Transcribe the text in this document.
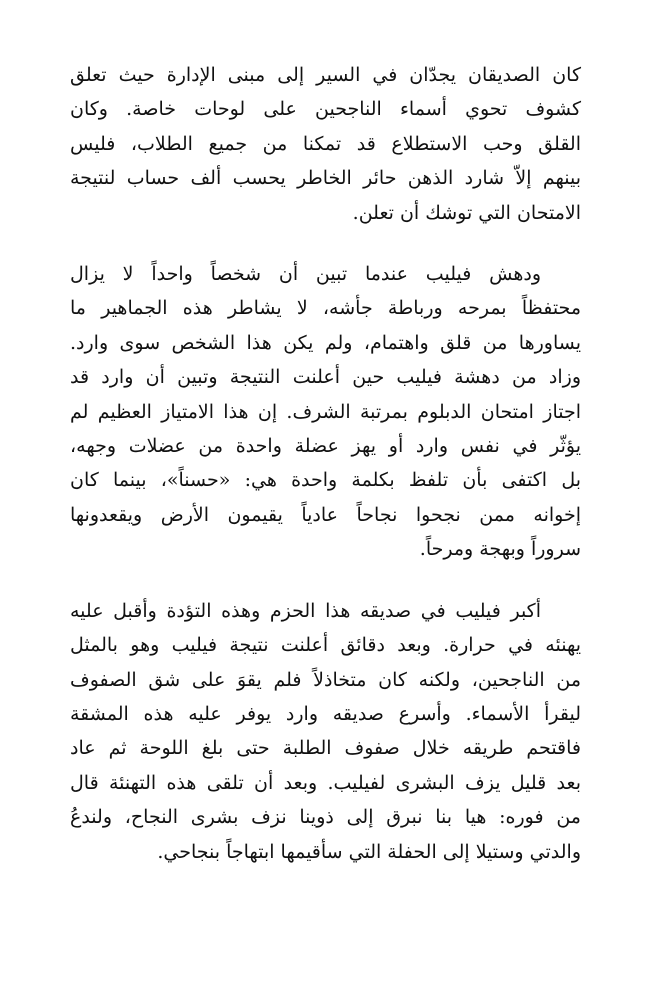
كان الصديقان يجدّان في السير إلى مبنى الإدارة حيث تعلق
كشوف تحوي أسماء الناجحين على لوحات خاصة. وكان
القلق وحب الاستطلاع قد تمكنا من جميع الطلاب، فليس
بينهم إلاّ شارد الذهن حائر الخاطر يحسب ألف حساب لنتيجة
الامتحان التي توشك أن تعلن.
ودهش فيليب عندما تبين أن شخصاً واحداً لا يزال
محتفظاً بمرحه ورباطة جأشه، لا يشاطر هذه الجماهير ما
يساورها من قلق واهتمام، ولم يكن هذا الشخص سوى وارد.
وزاد من دهشة فيليب حين أعلنت النتيجة وتبين أن وارد قد
اجتاز امتحان الدبلوم بمرتبة الشرف. إن هذا الامتياز العظيم لم
يؤثّر في نفس وارد أو يهز عضلة واحدة من عضلات وجهه،
بل اكتفى بأن تلفظ بكلمة واحدة هي: «حسناً»، بينما كان
إخوانه ممن نجحوا نجاحاً عادياً يقيمون الأرض ويقعدونها
سروراً وبهجة ومرحاً.
أكبر فيليب في صديقه هذا الحزم وهذه التؤدة وأقبل عليه
يهنئه في حرارة. وبعد دقائق أعلنت نتيجة فيليب وهو بالمثل
من الناجحين، ولكنه كان متخاذلاً فلم يقوَ على شق الصفوف
ليقرأ الأسماء. وأسرع صديقه وارد يوفر عليه هذه المشقة
فاقتحم طريقه خلال صفوف الطلبة حتى بلغ اللوحة ثم عاد
بعد قليل يزف البشرى لفيليب. وبعد أن تلقى هذه التهنئة قال
من فوره: هيا بنا نبرق إلى ذوينا نزف بشرى النجاح، ولندعُ
والدتي وستيلا إلى الحفلة التي سأقيمها ابتهاجاً بنجاحي.
